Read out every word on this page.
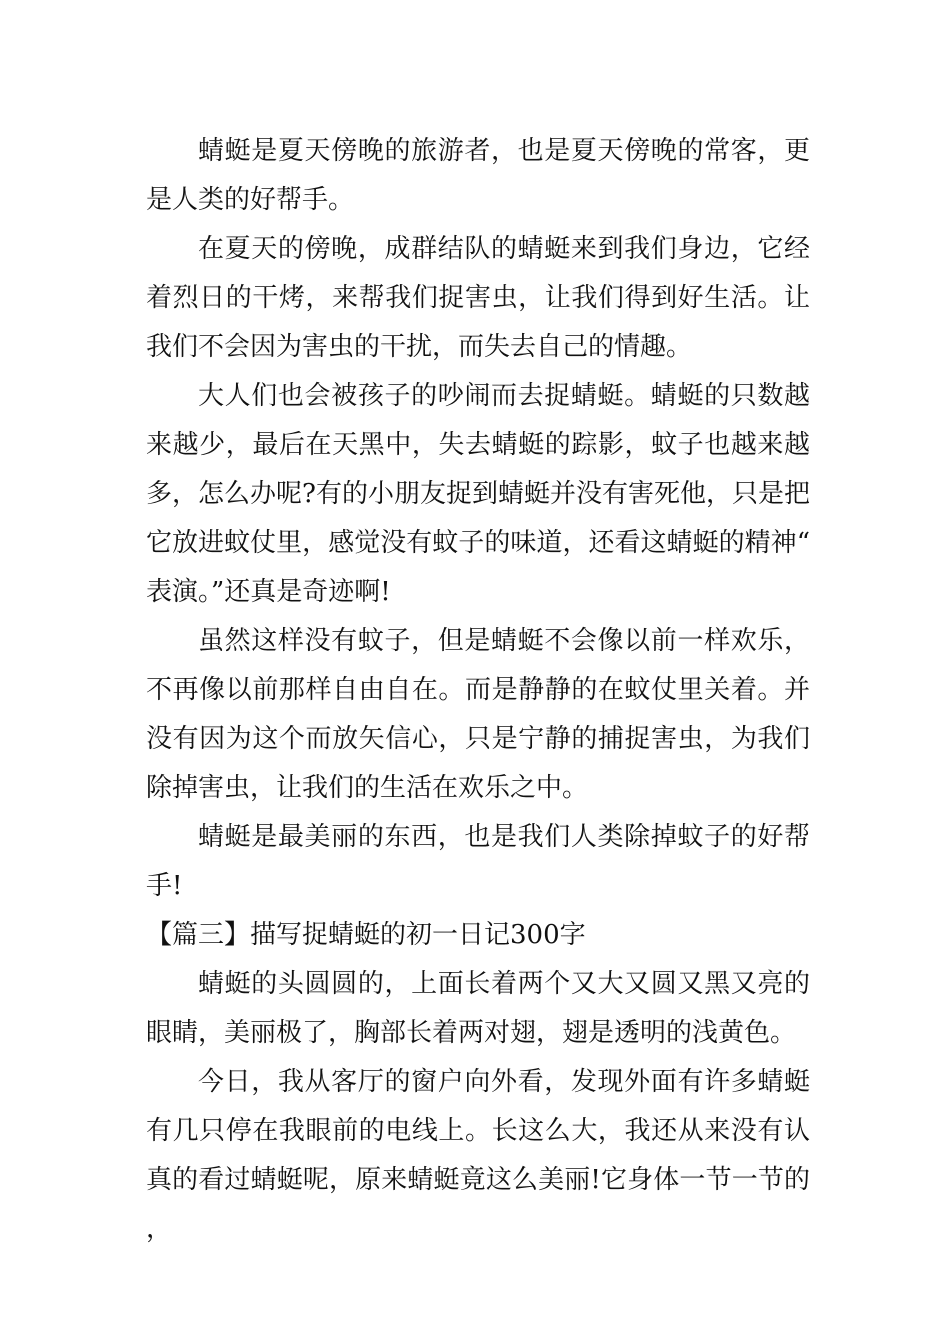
蜻蜓是夏天傍晚的旅游者，也是夏天傍晚的常客，更是人类的好帮手。

在夏天的傍晚，成群结队的蜻蜓来到我们身边，它经着烈日的干烤，来帮我们捉害虫，让我们得到好生活。让我们不会因为害虫的干扰，而失去自己的情趣。

大人们也会被孩子的吵闹而去捉蜻蜓。蜻蜓的只数越来越少，最后在天黑中，失去蜻蜓的踪影，蚊子也越来越多，怎么办呢?有的小朋友捉到蜻蜓并没有害死他，只是把它放进蚊仗里，感觉没有蚊子的味道，还看这蜻蜓的精神“表演。”还真是奇迹啊!

虽然这样没有蚊子，但是蜻蜓不会像以前一样欢乐，不再像以前那样自由自在。而是静静的在蚊仗里关着。并没有因为这个而放矢信心，只是宁静的捕捉害虫，为我们除掉害虫，让我们的生活在欢乐之中。

蜻蜓是最美丽的东西，也是我们人类除掉蚊子的好帮手!

【篇三】描写捉蜻蜓的初一日记300字

蜻蜓的头圆圆的，上面长着两个又大又圆又黑又亮的眼睛，美丽极了，胸部长着两对翅，翅是透明的浅黄色。

今日，我从客厅的窗户向外看，发现外面有许多蜻蜓有几只停在我眼前的电线上。长这么大，我还从来没有认真的看过蜻蜓呢，原来蜻蜓竟这么美丽!它身体一节一节的，
